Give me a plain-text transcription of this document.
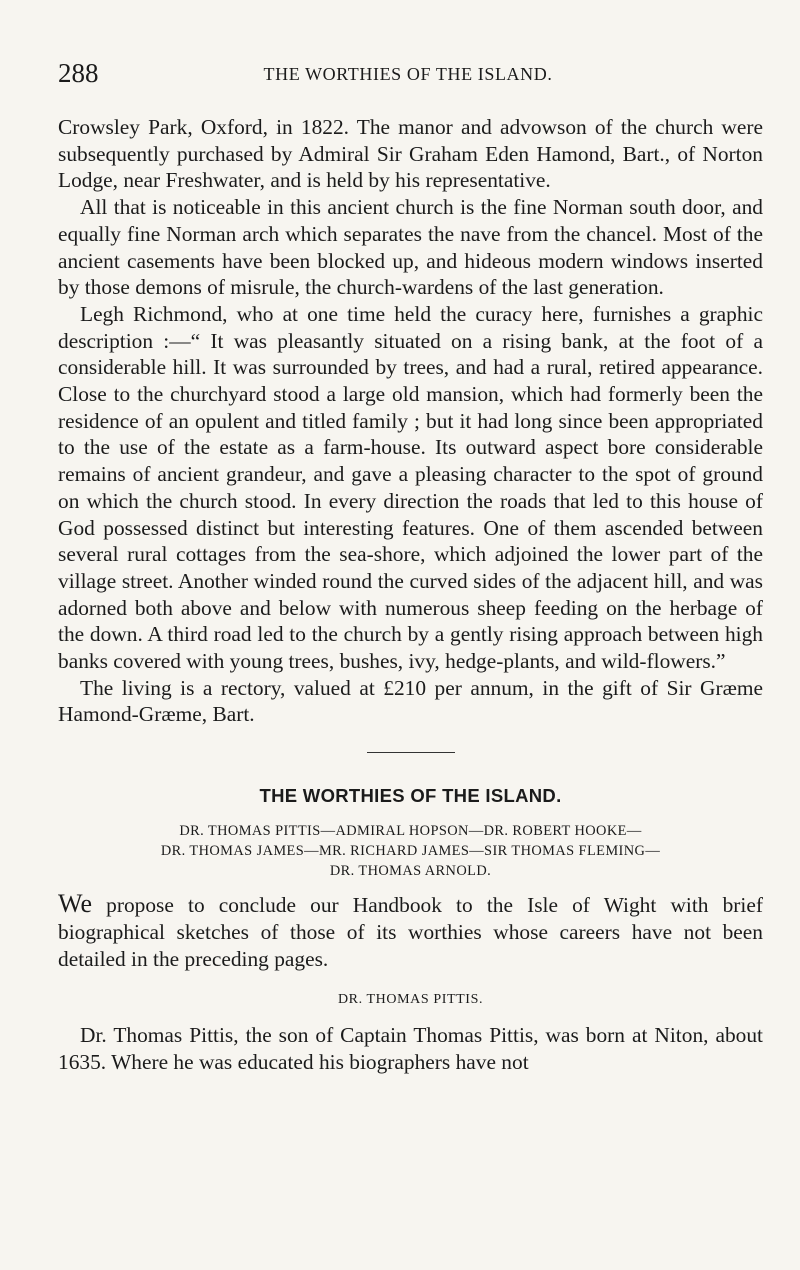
288	THE WORTHIES OF THE ISLAND.

Crowsley Park, Oxford, in 1822. The manor and advowson of the church were subsequently purchased by Admiral Sir Graham Eden Hamond, Bart., of Norton Lodge, near Freshwater, and is held by his representative.

All that is noticeable in this ancient church is the fine Norman south door, and equally fine Norman arch which separates the nave from the chancel. Most of the ancient casements have been blocked up, and hideous modern windows inserted by those demons of misrule, the church-wardens of the last generation.

Legh Richmond, who at one time held the curacy here, furnishes a graphic description :—“ It was pleasantly situated on a rising bank, at the foot of a considerable hill. It was surrounded by trees, and had a rural, retired appearance. Close to the churchyard stood a large old mansion, which had formerly been the residence of an opulent and titled family ; but it had long since been appropriated to the use of the estate as a farm-house. Its outward aspect bore considerable remains of ancient grandeur, and gave a pleasing character to the spot of ground on which the church stood. In every direction the roads that led to this house of God possessed distinct but interesting features. One of them ascended between several rural cottages from the sea-shore, which adjoined the lower part of the village street. Another winded round the curved sides of the adjacent hill, and was adorned both above and below with numerous sheep feeding on the herbage of the down. A third road led to the church by a gently rising approach between high banks covered with young trees, bushes, ivy, hedge-plants, and wild-flowers.”

The living is a rectory, valued at £210 per annum, in the gift of Sir Græme Hamond-Græme, Bart.

THE WORTHIES OF THE ISLAND.
DR. THOMAS PITTIS—ADMIRAL HOPSON—DR. ROBERT HOOKE—
DR. THOMAS JAMES—MR. RICHARD JAMES—SIR THOMAS FLEMING—
DR. THOMAS ARNOLD.

We propose to conclude our Handbook to the Isle of Wight with brief biographical sketches of those of its worthies whose careers have not been detailed in the preceding pages.

DR. THOMAS PITTIS.

Dr. Thomas Pittis, the son of Captain Thomas Pittis, was born at Niton, about 1635. Where he was educated his biographers have not
